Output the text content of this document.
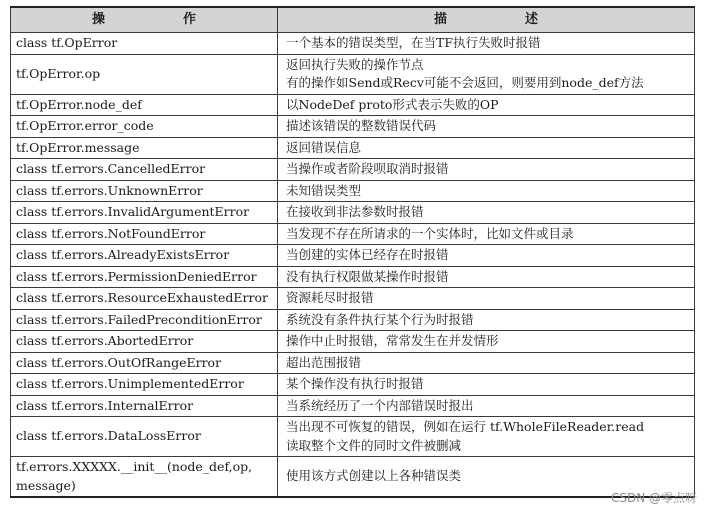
操　作	描　述

class tf.OpError	一个基本的错误类型，在当TF执行失败时报错

tf.OpError.op	返回执行失败的操作节点
有的操作如Send或Recv可能不会返回，则要用到node_def方法

tf.OpError.node_def	以NodeDef proto形式表示失败的OP

tf.OpError.error_code	描述该错误的整数错误代码

tf.OpError.message	返回错误信息

class tf.errors.CancelledError	当操作或者阶段呗取消时报错

class tf.errors.UnknownError	未知错误类型

class tf.errors.InvalidArgumentError	在接收到非法参数时报错

class tf.errors.NotFoundError	当发现不存在所请求的一个实体时，比如文件或目录

class tf.errors.AlreadyExistsError	当创建的实体已经存在时报错

class tf.errors.PermissionDeniedError	没有执行权限做某操作时报错

class tf.errors.ResourceExhaustedError	资源耗尽时报错

class tf.errors.FailedPreconditionError	系统没有条件执行某个行为时报错

class tf.errors.AbortedError	操作中止时报错，常常发生在并发情形

class tf.errors.OutOfRangeError	超出范围报错

class tf.errors.UnimplementedError	某个操作没有执行时报错

class tf.errors.InternalError	当系统经历了一个内部错误时报出

class tf.errors.DataLossError	当出现不可恢复的错误，例如在运行 tf.WholeFileReader.read
读取整个文件的同时文件被删减

tf.errors.XXXXX.__init__(node_def,op,
message)	使用该方式创建以上各种错误类
CSDN @零点呀
